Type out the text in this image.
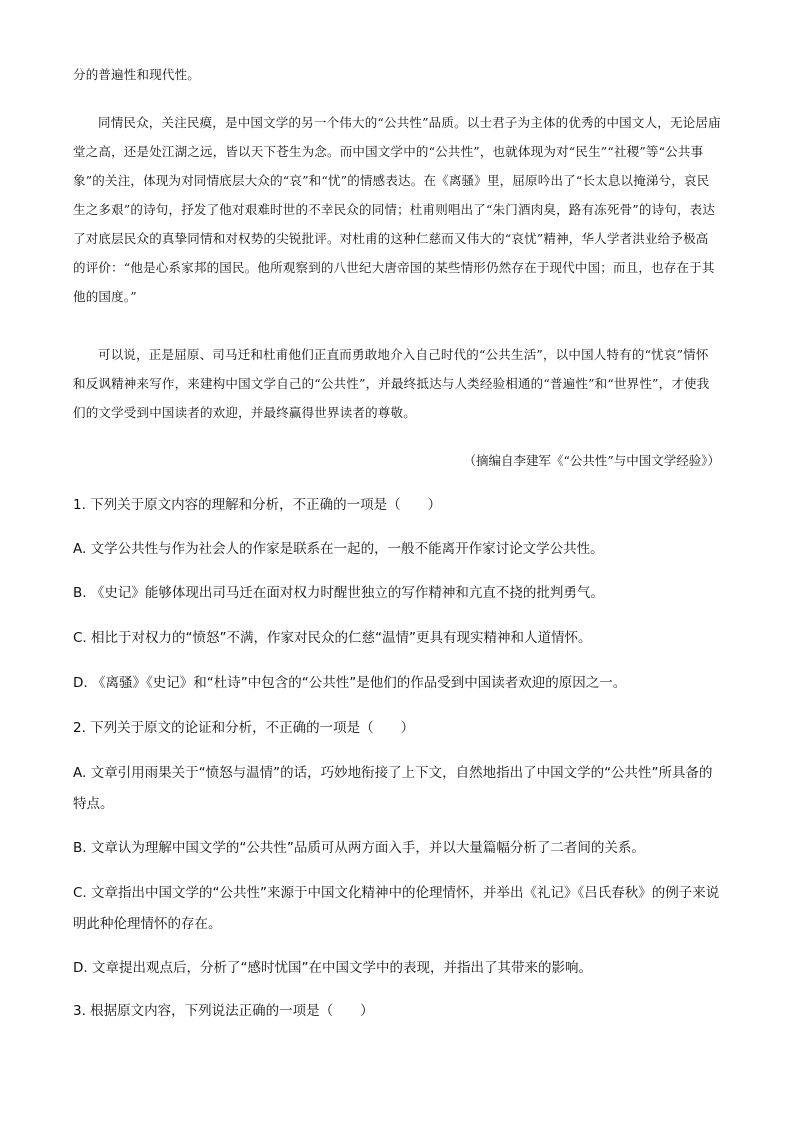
分的普遍性和现代性。
同情民众，关注民瘼，是中国文学的另一个伟大的“公共性”品质。以士君子为主体的优秀的中国文人，无论居庙堂之高，还是处江湖之远，皆以天下苍生为念。而中国文学中的“公共性”，也就体现为对“民生”“社稷”等“公共事象”的关注，体现为对同情底层大众的“哀”和“忧”的情感表达。在《离骚》里，屈原吟出了“长太息以掩涕兮，哀民生之多艰”的诗句，抒发了他对艰难时世的不幸民众的同情；杜甫则唱出了“朱门酒肉臭，路有冻死骨”的诗句，表达了对底层民众的真挚同情和对权势的尖锐批评。对杜甫的这种仁慈而又伟大的“哀忧”精神，华人学者洪业给予极高的评价：“他是心系家邦的国民。他所观察到的八世纪大唐帝国的某些情形仍然存在于现代中国；而且，也存在于其他的国度。”
可以说，正是屈原、司马迁和杜甫他们正直而勇敢地介入自己时代的“公共生活”，以中国人特有的“忧哀”情怀和反讽精神来写作，来建构中国文学自己的“公共性”，并最终抵达与人类经验相通的“普遍性”和“世界性”，才使我们的文学受到中国读者的欢迎，并最终赢得世界读者的尊敬。
（摘编自李建军《“公共性”与中国文学经验》）
1. 下列关于原文内容的理解和分析，不正确的一项是（　　）
A. 文学公共性与作为社会人的作家是联系在一起的，一般不能离开作家讨论文学公共性。
B. 《史记》能够体现出司马迁在面对权力时醒世独立的写作精神和亢直不挠的批判勇气。
C. 相比于对权力的“愤怒”不满，作家对民众的仁慈“温情”更具有现实精神和人道情怀。
D. 《离骚》《史记》和“杜诗”中包含的“公共性”是他们的作品受到中国读者欢迎的原因之一。
2. 下列关于原文的论证和分析，不正确的一项是（　　）
A. 文章引用雨果关于“愤怒与温情”的话，巧妙地衔接了上下文，自然地指出了中国文学的“公共性”所具备的特点。
B. 文章认为理解中国文学的“公共性”品质可从两方面入手，并以大量篇幅分析了二者间的关系。
C. 文章指出中国文学的“公共性”来源于中国文化精神中的伦理情怀，并举出《礼记》《吕氏春秋》的例子来说明此种伦理情怀的存在。
D. 文章提出观点后，分析了“感时忧国”在中国文学中的表现，并指出了其带来的影响。
3. 根据原文内容，下列说法正确的一项是（　　）
